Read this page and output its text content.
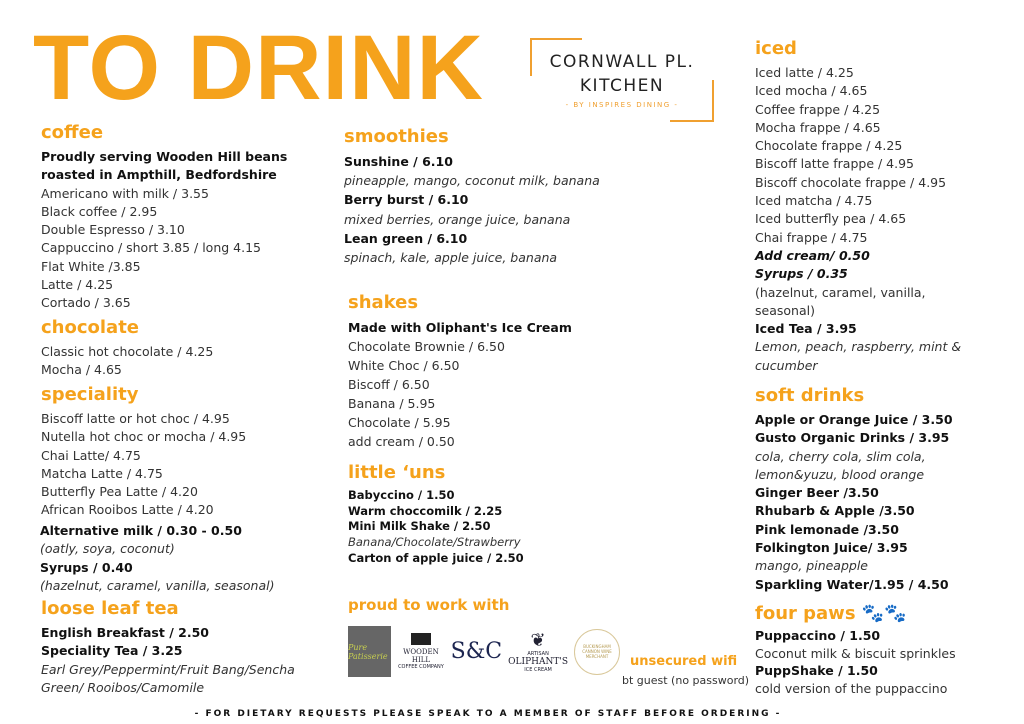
TO DRINK	CORNWALL PL.
KITCHEN
- BY INSPIRES DINING -
coffee
Proudly serving Wooden Hill beans
roasted in Ampthill, Bedfordshire
Americano with milk / 3.55
Black coffee / 2.95
Double Espresso / 3.10
Cappuccino / short 3.85 / long 4.15
Flat White /3.85
Latte / 4.25
Cortado / 3.65
chocolate
Classic hot chocolate / 4.25
Mocha / 4.65
speciality
Biscoff latte or hot choc / 4.95
Nutella hot choc or mocha / 4.95
Chai Latte/ 4.75
Matcha Latte / 4.75
Butterfly Pea Latte / 4.20
African Rooibos Latte / 4.20
Alternative milk / 0.30 - 0.50
(oatly, soya, coconut)
Syrups / 0.40
(hazelnut, caramel, vanilla, seasonal)
loose leaf tea
English Breakfast / 2.50
Speciality Tea / 3.25
Earl Grey/Peppermint/Fruit Bang/Sencha
Green/ Rooibos/Camomile
smoothies
Sunshine / 6.10
pineapple, mango, coconut milk, banana
Berry burst / 6.10
mixed berries, orange juice, banana
Lean green / 6.10
spinach, kale, apple juice, banana
shakes
Made with Oliphant's Ice Cream
Chocolate Brownie / 6.50
White Choc / 6.50
Biscoff / 6.50
Banana / 5.95
Chocolate / 5.95
add cream / 0.50
little ‘uns
Babyccino / 1.50
Warm choccomilk / 2.25
Mini Milk Shake / 2.50
Banana/Chocolate/Strawberry
Carton of apple juice / 2.50
iced
Iced latte / 4.25
Iced mocha / 4.65
Coffee frappe / 4.25
Mocha frappe / 4.65
Chocolate frappe / 4.25
Biscoff latte frappe / 4.95
Biscoff chocolate frappe / 4.95
Iced matcha / 4.75
Iced butterfly pea / 4.65
Chai frappe / 4.75
Add cream/ 0.50
Syrups / 0.35
(hazelnut, caramel, vanilla,
seasonal)
Iced Tea / 3.95
Lemon, peach, raspberry, mint &
cucumber
soft drinks
Apple or Orange Juice / 3.50
Gusto Organic Drinks / 3.95
cola, cherry cola, slim cola,
lemon&yuzu, blood orange
Ginger Beer /3.50
Rhubarb & Apple /3.50
Pink lemonade /3.50
Folkington Juice/ 3.95
mango, pineapple
Sparkling Water/1.95 / 4.50
four paws 🐾🐾
Puppaccino / 1.50
Coconut milk & biscuit sprinkles
PuppShake / 1.50
cold version of the puppaccino
proud to work with
Pure Patisserie	WOODEN HILL
COFFEE COMPANY
S&C	❦
ARTISAN
OLIPHANT'S
ICE CREAM
BUCKINGHAM CANNON WINE MERCHANT	unsecured wifi
bt guest (no password)
- FOR DIETARY REQUESTS PLEASE SPEAK TO A MEMBER OF STAFF BEFORE ORDERING -
